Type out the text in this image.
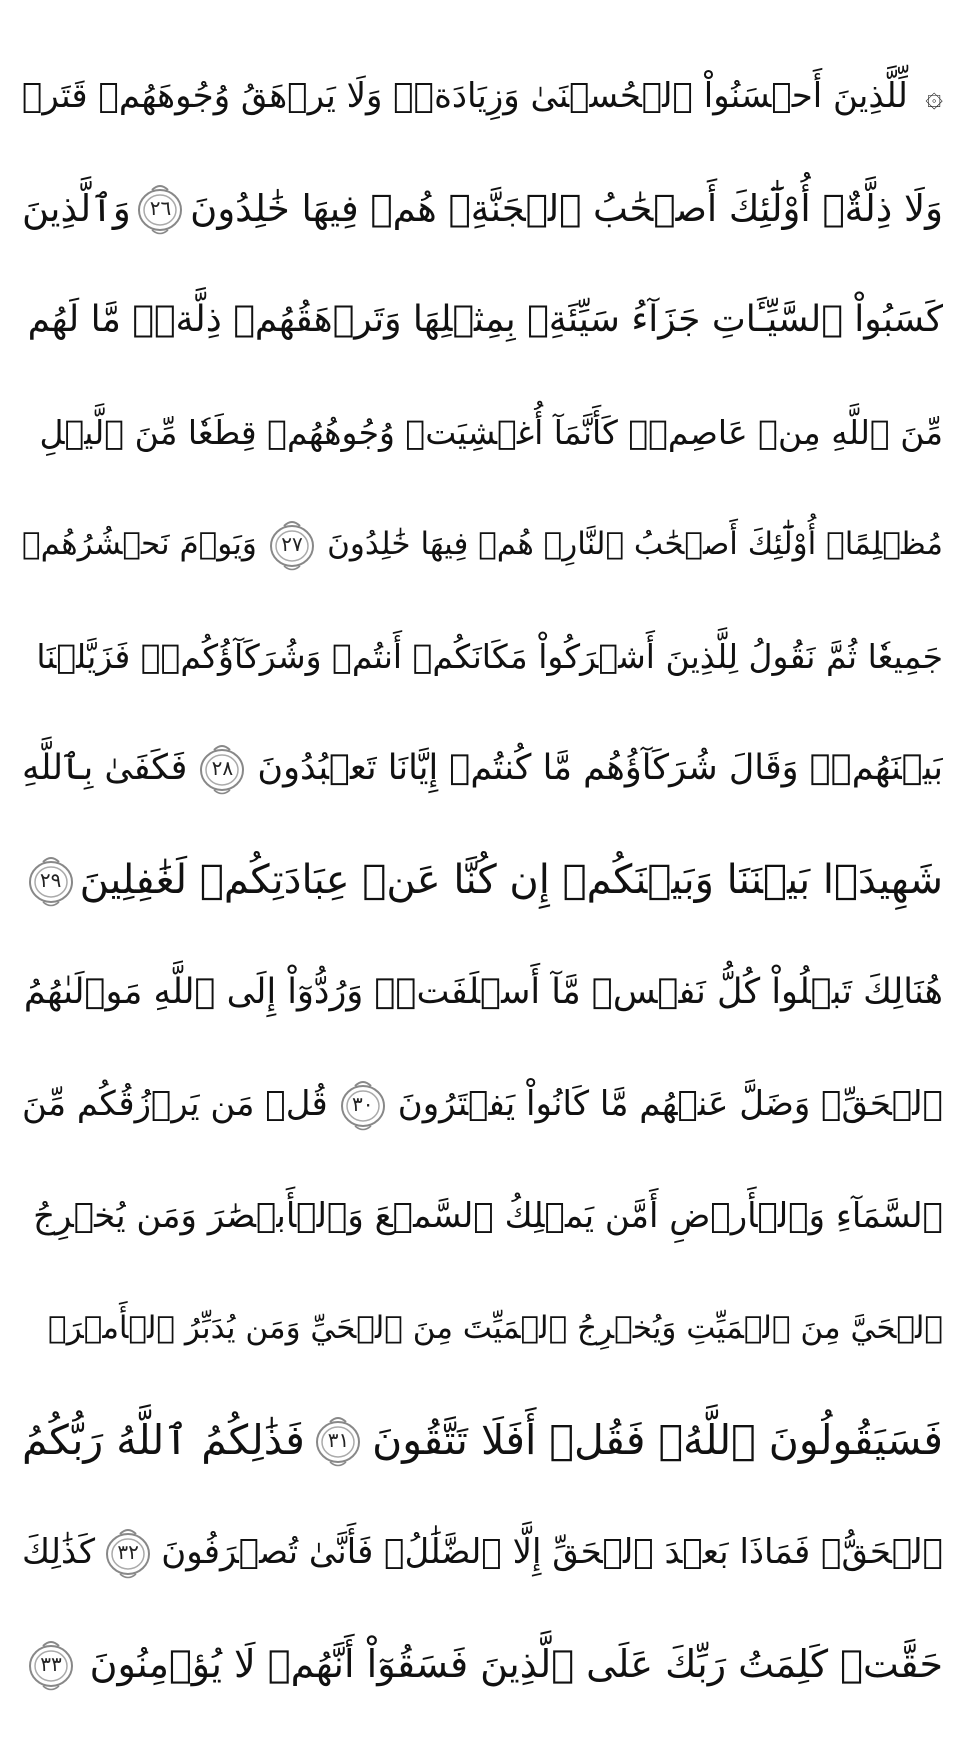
۞
لِّلَّذِينَ أَحۡسَنُواْ ٱلۡحُسۡنَىٰ وَزِيَادَةٞۖ وَلَا يَرۡهَقُ وُجُوهَهُمۡ قَتَرٞ
وَلَا ذِلَّةٌۚ أُوْلَٰٓئِكَ أَصۡحَٰبُ ٱلۡجَنَّةِۖ هُمۡ فِيهَا خَٰلِدُونَ
٢٦
وَٱلَّذِينَ
كَسَبُواْ ٱلسَّيِّـَٔاتِ جَزَآءُ سَيِّئَةِۭ بِمِثۡلِهَا وَتَرۡهَقُهُمۡ ذِلَّةٞۖ مَّا لَهُم
مِّنَ ٱللَّهِ مِنۡ عَاصِمٖۖ كَأَنَّمَآ أُغۡشِيَتۡ وُجُوهُهُمۡ قِطَعٗا مِّنَ ٱلَّيۡلِ
مُظۡلِمًاۚ أُوْلَٰٓئِكَ أَصۡحَٰبُ ٱلنَّارِۖ هُمۡ فِيهَا خَٰلِدُونَ
٢٧
وَيَوۡمَ نَحۡشُرُهُمۡ
جَمِيعٗا ثُمَّ نَقُولُ لِلَّذِينَ أَشۡرَكُواْ مَكَانَكُمۡ أَنتُمۡ وَشُرَكَآؤُكُمۡۚ فَزَيَّلۡنَا
بَيۡنَهُمۡۖ وَقَالَ شُرَكَآؤُهُم مَّا كُنتُمۡ إِيَّانَا تَعۡبُدُونَ
٢٨
فَكَفَىٰ بِٱللَّهِ
شَهِيدَۢا بَيۡنَنَا وَبَيۡنَكُمۡ إِن كُنَّا عَنۡ عِبَادَتِكُمۡ لَغَٰفِلِينَ
٢٩
هُنَالِكَ تَبۡلُواْ كُلُّ نَفۡسٖ مَّآ أَسۡلَفَتۡۚ وَرُدُّوٓاْ إِلَى ٱللَّهِ مَوۡلَىٰهُمُ
ٱلۡحَقِّۖ وَضَلَّ عَنۡهُم مَّا كَانُواْ يَفۡتَرُونَ
٣٠
قُلۡ مَن يَرۡزُقُكُم مِّنَ
ٱلسَّمَآءِ وَٱلۡأَرۡضِ أَمَّن يَمۡلِكُ ٱلسَّمۡعَ وَٱلۡأَبۡصَٰرَ وَمَن يُخۡرِجُ
ٱلۡحَيَّ مِنَ ٱلۡمَيِّتِ وَيُخۡرِجُ ٱلۡمَيِّتَ مِنَ ٱلۡحَيِّ وَمَن يُدَبِّرُ ٱلۡأَمۡرَۚ
فَسَيَقُولُونَ ٱللَّهُۚ فَقُلۡ أَفَلَا تَتَّقُونَ
٣١
فَذَٰلِكُمُ ٱللَّهُ رَبُّكُمُ
ٱلۡحَقُّۖ فَمَاذَا بَعۡدَ ٱلۡحَقِّ إِلَّا ٱلضَّلَٰلُۖ فَأَنَّىٰ تُصۡرَفُونَ
٣٢
كَذَٰلِكَ
حَقَّتۡ كَلِمَتُ رَبِّكَ عَلَى ٱلَّذِينَ فَسَقُوٓاْ أَنَّهُمۡ لَا يُؤۡمِنُونَ
٣٣
